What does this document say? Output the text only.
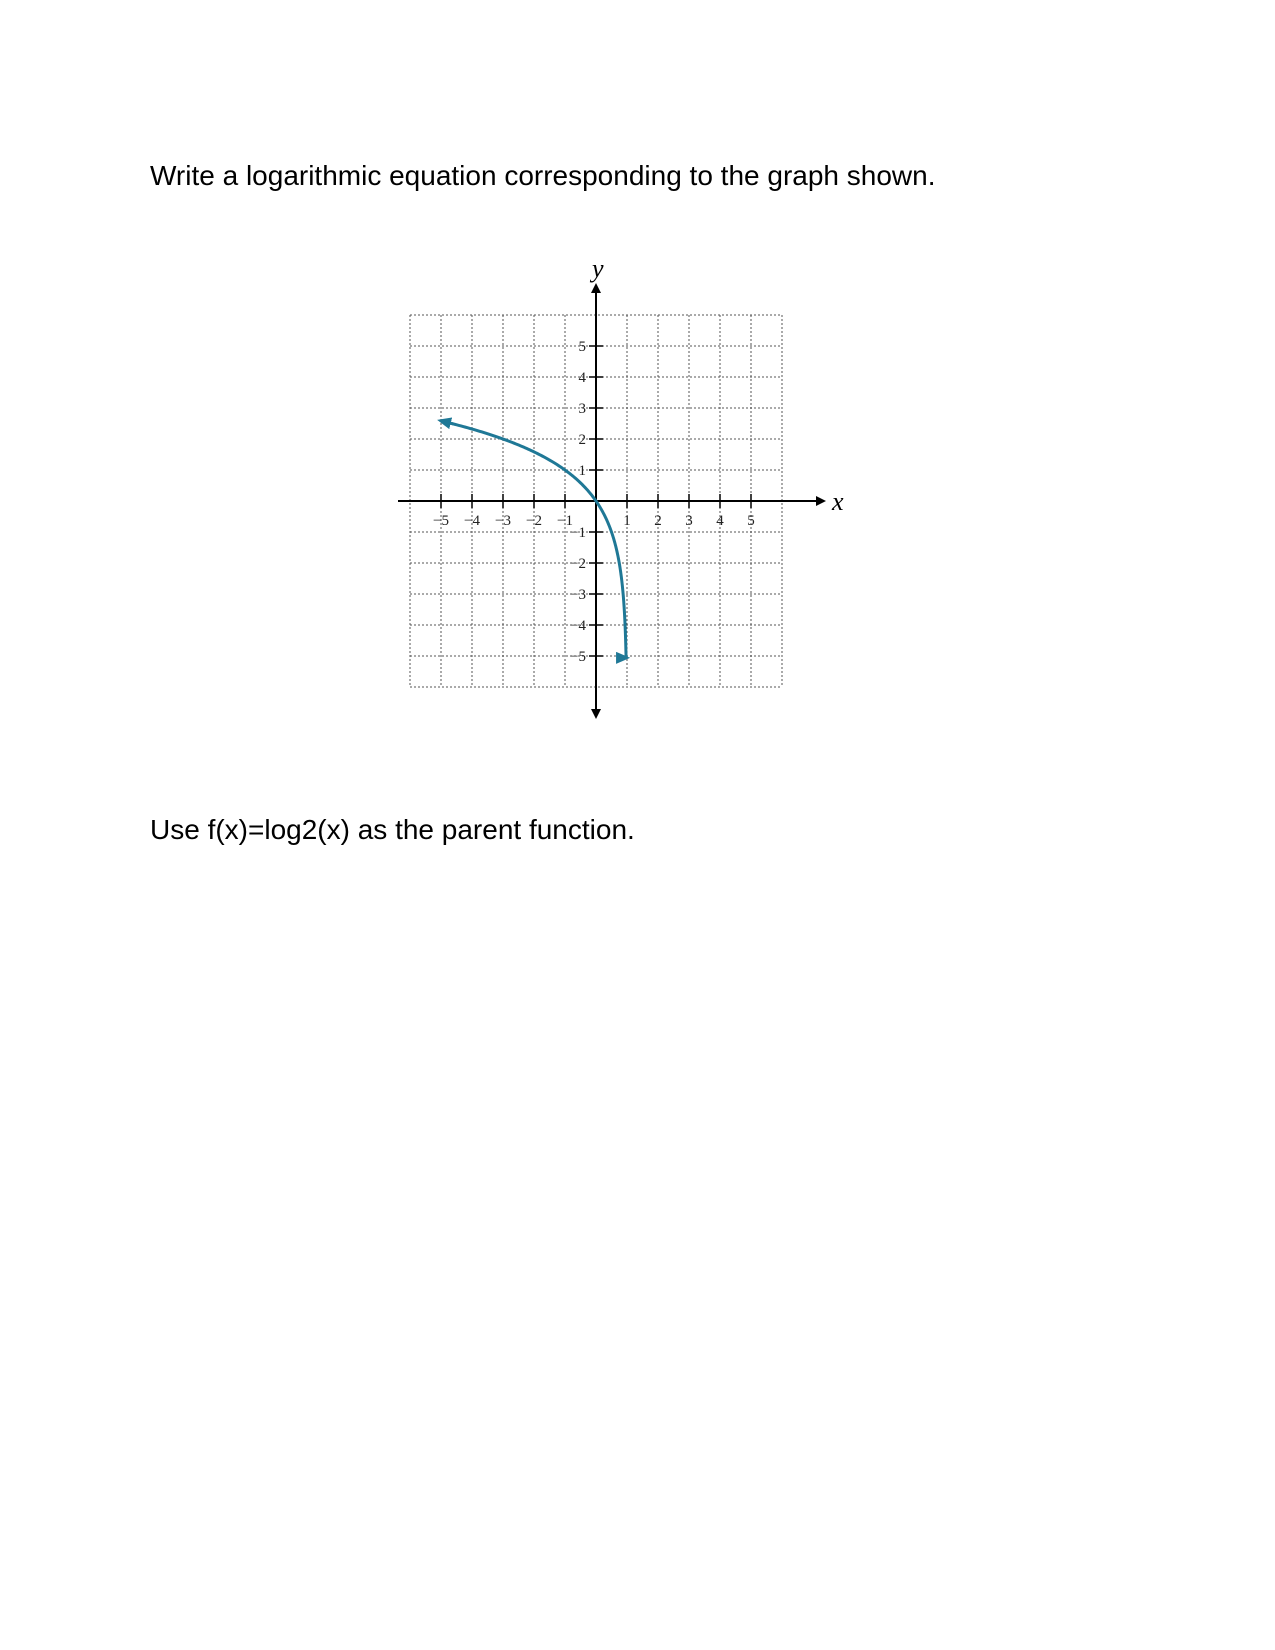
Write a logarithmic equation corresponding to the graph shown.
−5 −4 −3 −2 −1	1 2 3 4 5
−5
−4
−3
−2
−1
1
2
3
4
5
x
y
Use f(x)=log2(x) as the parent function.
